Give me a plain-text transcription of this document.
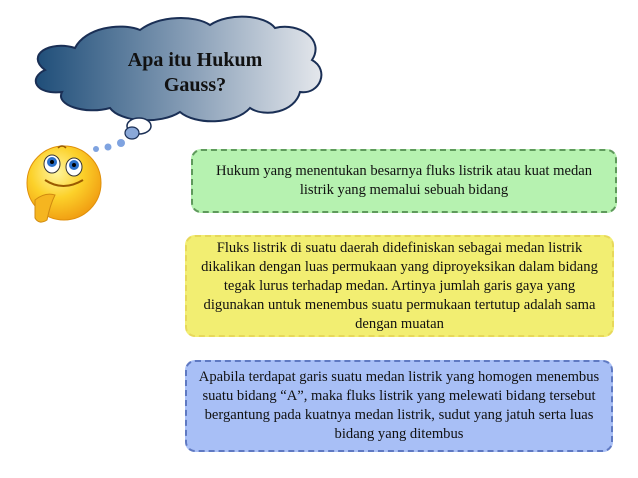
Apa itu Hukum Gauss?
Hukum yang menentukan besarnya fluks listrik atau kuat medan listrik yang memalui sebuah bidang
Fluks listrik di suatu daerah didefiniskan sebagai medan listrik dikalikan dengan luas permukaan yang diproyeksikan dalam bidang tegak lurus terhadap medan. Artinya jumlah garis gaya yang digunakan untuk menembus suatu permukaan tertutup adalah sama dengan muatan
Apabila terdapat garis suatu medan listrik yang homogen menembus suatu bidang “A”, maka fluks listrik yang melewati bidang tersebut bergantung pada kuatnya medan listrik, sudut yang jatuh serta luas bidang yang ditembus
